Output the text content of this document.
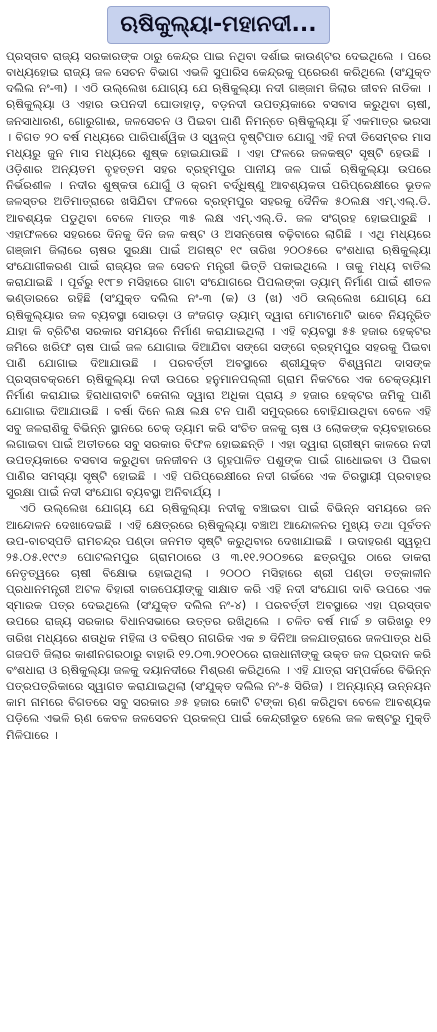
ଋଷିକୁଲ୍ୟା-ମହାନଦୀ...

ପ୍ରସ୍ତାବ ରାଜ୍ୟ ସରକାରଙ୍କ ଠାରୁ କେନ୍ଦ୍ର ପାଇ ନଥିବା ଦର୍ଶାଇ କାଉଣ୍ଟର ଦେଇଥିଲେ । ପରେ ବାଧ୍ୟହୋଇ ରାଜ୍ୟ ଜଳ ସେଚନ ବିଭାଗ ଏଭଳି ସୁପାରିସ କେନ୍ଦ୍ରକୁ ପ୍ରେରଣ କରିଥିଲେ (ସଂଯୁକ୍ତ ଦଲିଲ ନଂ-୩) । ଏଠି ଉଲ୍ଲେଖ ଯୋଗ୍ୟ ଯେ ଋଷିକୁଲ୍ୟା ନଦୀ ଗଞ୍ଜାମ ଜିଲାର ଜୀବନ ନାଡିକା । ଋଷିକୁଲ୍ୟା ଓ ଏହାର ଉପନଦୀ ଘୋଡାହାଡ଼, ବଡ଼ନଦୀ ଉପତ୍ୟକାରେ ବସବାସ କରୁଥିବା ଚାଷୀ, ଜନସାଧାରଣ, ଗୋରୁଗାଈ, ଜଳସେଚନ ଓ ପିଇବା ପାଣି ନିମନ୍ତେ ଋଷିକୁଲ୍ୟା ହିଁ ଏକମାତ୍ର ଭରସା । ବିଗତ ୨୦ ବର୍ଷ ମଧ୍ୟରେ ପାରିପାର୍ଶ୍ୱିକ ଓ ସ୍ୱଳ୍ପ ବୃଷ୍ଟିପାତ ଯୋଗୁ ଏହି ନଦୀ ଡିସେମ୍ବର ମାସ ମଧ୍ୟରୁ ଜୁନ ମାସ ମଧ୍ୟରେ ଶୁଷ୍କ ହୋଇଯାଉଛି । ଏହା ଫଳରେ ଜଳକଷ୍ଟ ସୃଷ୍ଟି ହେଉଛି । ଓଡ଼ିଶାର ଅନ୍ୟତମ ବୃହତ୍ତମ ସହର ବ୍ରହ୍ମପୁର ପାନୀୟ ଜଳ ପାଇଁ ଋଷିକୁଲ୍ୟା ଉପରେ ନିର୍ଭରଶୀଳ । ନଦୀର ଶୁଷ୍କତା ଯୋଗୁଁ ଓ କ୍ରମ ବର୍ଦ୍ଧିଷ୍ଣୁ ଆବଶ୍ୟକତା ପରିପ୍ରେକ୍ଷୀରେ ଭୂତଳ ଜଳସ୍ତର ଅତିମାତ୍ରାରେ ଖସିଯିବା ଫଳରେ ବ୍ରହ୍ମପୁର ସହରକୁ ଦୈନିକ ୫୦ଲକ୍ଷ ଏମ୍.ଏଲ୍.ଡି. ଆବଶ୍ୟକ ପଡୁଥିବା ବେଳେ ମାତ୍ର ୩୫ ଲକ୍ଷ ଏମ୍.ଏଲ୍.ଡି. ଜଳ ସଂଗ୍ରହ ହୋଇପାରୁଛି । ଏହାଫଳରେ ସହରରେ ଦିନକୁ ଦିନ ଜଳ କଷ୍ଟ ଓ ଅସନ୍ତୋଷ ବଢ଼ିବାରେ ଲାଗିଛି । ଏଥି ମଧ୍ୟରେ ଗଞ୍ଜାମ ଜିଲାରେ ଚାଷର ସୁରକ୍ଷା ପାଇଁ ଅଗଷ୍ଟ ୧୯ ତାରିଖ ୨୦୦୫ରେ ବଂଶଧାରା ଋଷିକୁଲ୍ୟା ସଂଯୋଗୀକରଣ ପାଇଁ ରାଜ୍ୟର ଜଳ ସେଚନ ମନ୍ତ୍ରୀ ଭିତ୍ତି ପକାଇଥିଲେ । ତାକୁ ମଧ୍ୟ ବାତିଲ କରାଯାଇଛି । ପୂର୍ବରୁ ୧୯୮୭ ମସିହାରେ ଗାଟା ସଂଯୋଗରେ ପିପଲଙ୍କା ଡ୍ୟାମ୍ ନିର୍ମାଣ ପାଇଁ ଶୀତଳ ଭଣ୍ଡାରରେ ରହିଛି (ସଂଯୁକ୍ତ ଦଲିଲ ନଂ-୩ (କ) ଓ (ଖ) ଏଠି ଉଲ୍ଲେଖ ଯୋଗ୍ୟ ଯେ ଋଷିକୁଲ୍ୟାର ଜଳ ବ୍ୟବସ୍ଥା ସୋରଡ଼ା ଓ ଜଂଜଗଡ଼ ଡ୍ୟାମ୍ ଦ୍ୱାରା ମୋଟାମୋଟି ଭାବେ ନିୟନ୍ତ୍ରିତ ଯାହା କି ବ୍ରିଟିଶ ସରକାର ସମୟରେ ନିର୍ମାଣ କରାଯାଇଥିଲା । ଏହି ବ୍ୟବସ୍ଥା ୫୫ ହଜାର ହେକ୍ଟର ଜମିରେ ଖରିଫ ଚାଷ ପାଇଁ ଜଳ ଯୋଗାଇ ଦିଆଯିବା ସଙ୍ଗେ ସଙ୍ଗେ ବ୍ରହ୍ମପୁର ସହରକୁ ପିଇବା ପାଣି ଯୋଗାଇ ଦିଆଯାଉଛି । ପରବର୍ତ୍ତୀ ଅବସ୍ଥାରେ ଶ୍ରୀଯୁକ୍ତ ବିଶ୍ୱନାଥ ଦାସଙ୍କ ପ୍ରସ୍ତାବକ୍ରମେ ଋଷିକୁଲ୍ୟା ନଦୀ ଉପରେ ହନୁମାନପଲ୍ଲୀ ଗ୍ରାମ ନିକଟରେ ଏକ ଚେକ୍‌ଡ୍ୟାମ ନିର୍ମାଣ କରାଯାଇ ହିରାଧାରାବାଟି କେନାଲ ଦ୍ୱାରା ଅଧିକା ପ୍ରାୟ ୬ ହଜାର ହେକ୍ଟର ଜମିକୁ ପାଣି ଯୋଗାଇ ଦିଆଯାଉଛି । ବର୍ଷା ଦିନେ ଲକ୍ଷ ଲକ୍ଷ ଟନ ପାଣି ସମୁଦ୍ରରେ ବୋହିଯାଉଥିବା ବେଳେ ଏହି ସବୁ ଜଳରାଶିକୁ ବିଭିନ୍ନ ସ୍ଥାନରେ ଚେକ୍ ଡ୍ୟାମ କରି ସଂଚିତ ଜଳକୁ ଚାଷ ଓ ଲୋକଙ୍କ ବ୍ୟବହାରରେ ଲଗାଇବା ପାଇଁ ଅତୀତରେ ସବୁ ସରକାର ବିଫଳ ହୋଇଛନ୍ତି । ଏହା ଦ୍ୱାରା ଗ୍ରୀଷ୍ମ କାଳରେ ନଦୀ ଉପତ୍ୟକାରେ ବସବାସ କରୁଥିବା ଜନଜୀବନ ଓ ଗୃହପାଳିତ ପଶୁଙ୍କ ପାଇଁ ଗାଧୋଇବା ଓ ପିଇବା ପାଣିର ସମସ୍ୟା ସୃଷ୍ଟି ହୋଇଛି । ଏହି ପରିପ୍ରେକ୍ଷୀରେ ନଦୀ ଗର୍ଭରେ ଏକ ଚିରସ୍ଥାୟୀ ପ୍ରବାହର ସୁରକ୍ଷା ପାଇଁ ନଦୀ ସଂଯୋଗ ବ୍ୟବସ୍ଥା ଅନିବାର୍ଯ୍ୟ ।

ଏଠି ଉଲ୍ଲେଖ ଯୋଗ୍ୟ ଯେ ଋଷିକୁଲ୍ୟା ନଦୀକୁ ବଞ୍ଚାଇବା ପାଇଁ ବିଭିନ୍ନ ସମୟରେ ଜନ ଆନ୍ଦୋଳନ ଦେଖାଦେଇଛି । ଏହି କ୍ଷେତ୍ରରେ ଋଷିକୁଲ୍ୟା ବଞ୍ଚାଅ ଆନ୍ଦୋଳନର ମୁଖ୍ୟ ତଥା ପୂର୍ବତନ ଉପ-ବାଚସ୍ପତି ରାମଚନ୍ଦ୍ର ପଣ୍ଡା ଜନମତ ସୃଷ୍ଟି କରୁଥିବାର ଦେଖାଯାଇଛି । ଉଦାହରଣ ସ୍ୱରୂପ ୨୫.୦୫.୧୯୯୬ ପୋଟଲମପୁର ଗ୍ରାମଠାରେ ଓ ୩.୧୧.୨୦୦୭ରେ ଛତ୍ରପୁର ଠାରେ ଡାକରା ନେତୃତ୍ୱରେ ଚାଷୀ ବିକ୍ଷୋଭ ହୋଇଥିଲା । ୨୦୦୦ ମସିହାରେ ଶ୍ରୀ ପଣ୍ଡା ତତ୍କାଳୀନ ପ୍ରଧାନମନ୍ତ୍ରୀ ଅଟଳ ବିହାରୀ ବାଜପେୟୀଙ୍କୁ ସାକ୍ଷାତ କରି ଏହି ନଦୀ ସଂଯୋଗ ଦାବି ଉପରେ ଏକ ସ୍ମାରକ ପତ୍ର ଦେଇଥିଲେ (ସଂଯୁକ୍ତ ଦଲିଲ ନଂ-୪) । ପରବର୍ତ୍ତୀ ଅବସ୍ଥାରେ ଏହା ପ୍ରସ୍ତାବ ଉପରେ ରାଜ୍ୟ ସରକାର ବିଧାନସଭାରେ ଉତ୍ତର ରଖିଥିଲେ । ଚଳିତ ବର୍ଷ ମାର୍ଚ୍ଚ ୭ ତାରିଖରୁ ୧୨ ତାରିଖ ମଧ୍ୟରେ ଶତାଧିକ ମହିଳା ଓ ବରିଷ୍ଠ ନାଗରିକ ଏକ ୭ ଦିନିଆ ଜଳଯାତ୍ରାରେ ଜଳପାତ୍ର ଧରି ଗଜପତି ଜିଲାର କାଶୀନଗରଠାରୁ ବାହାରି ୧୨.୦୩.୨୦୧୦ରେ ରାଜଧାନୀଙ୍କୁ ଉକ୍ତ ଜଳ ପ୍ରଦାନ କରି ବଂଶଧାରା ଓ ଋଷିକୁଲ୍ୟା ଜଳକୁ ଦୟାନଦୀରେ ମିଶ୍ରଣ କରିଥିଲେ । ଏହି ଯାତ୍ରା ସମ୍ପର୍କରେ ବିଭିନ୍ନ ପତ୍ରପତ୍ରିକାରେ ସ୍ୱାଗତ କରାଯାଇଥିଲା (ସଂଯୁକ୍ତ ଦଲିଲ ନଂ-୫ ସିରିଜ) । ଅନ୍ୟାନ୍ୟ ଉନ୍ନୟନ କାମ ନାମରେ ବିଗତରେ ସବୁ ସରକାର ୬୫ ହଜାର କୋଟି ଟଙ୍କା ଋଣ କରିଥିବା ବେଳେ ଆବଶ୍ୟକ ପଡ଼ିଲେ ଏଭଳି ଋଣ କେବଳ ଜଳସେଚନ ପ୍ରକଳ୍ପ ପାଇଁ କେନ୍ଦ୍ରୀଭୂତ ହେଲେ ଜଳ କଷ୍ଟରୁ ମୁକ୍ତି ମିଳିପାରେ ।
